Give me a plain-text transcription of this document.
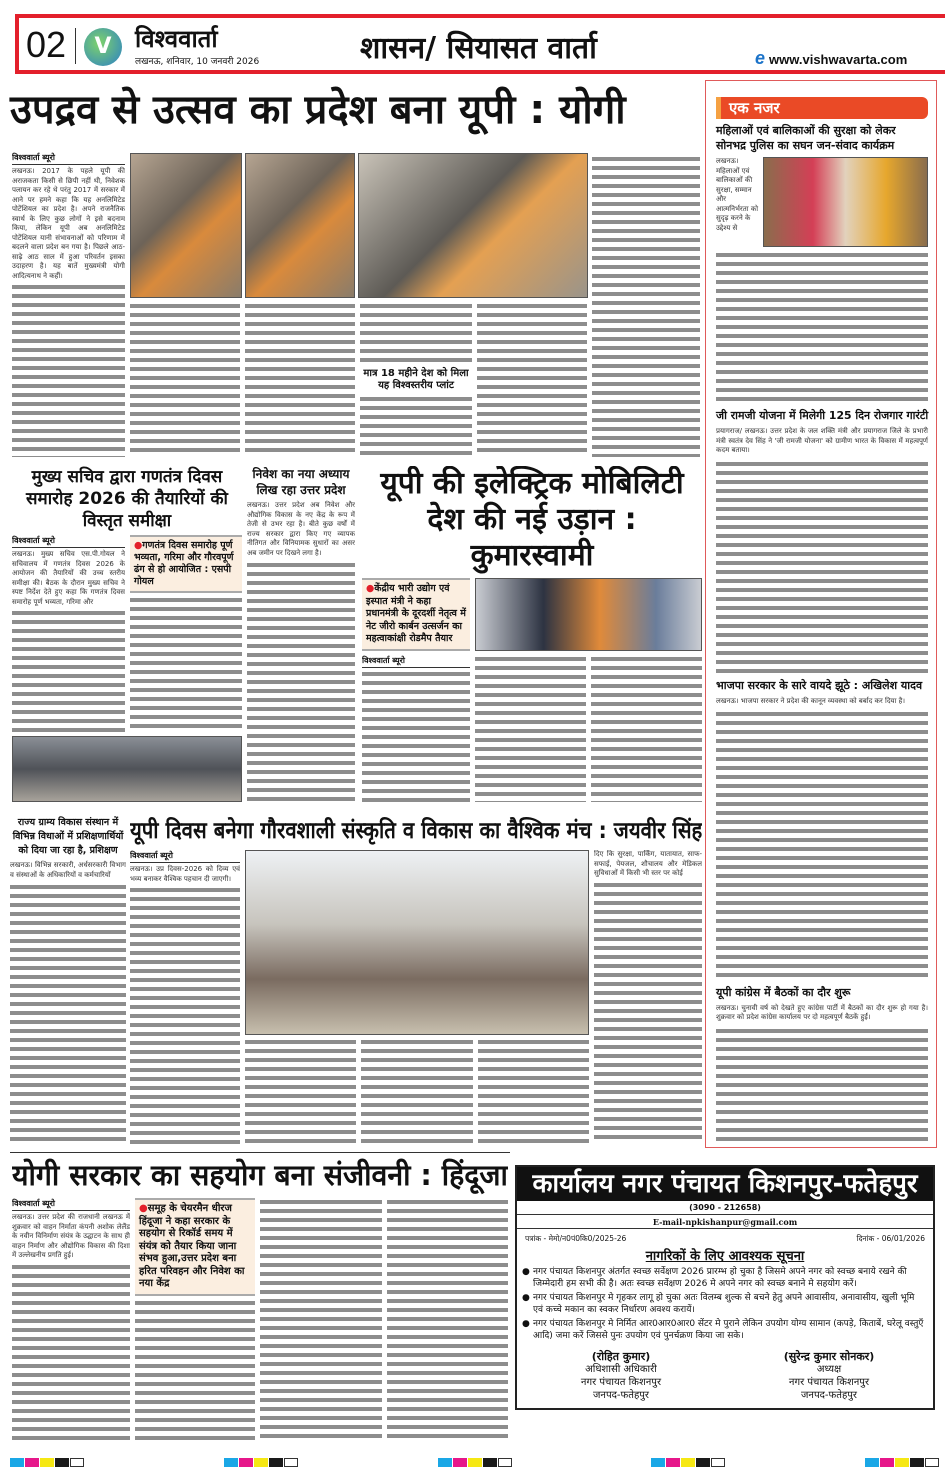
02	V विश्ववार्ता
लखनऊ, शनिवार, 10 जनवरी 2026	शासन/ सियासत वार्ता	e www.vishwavarta.com
उपद्रव से उत्सव का प्रदेश बना यूपी : योगी
विश्ववार्ता ब्यूरो
लखनऊ। 2017 के पहले यूपी की अराजकता किसी से छिपी नहीं थी, निवेशक पलायन कर रहे थे परंतु 2017 में सरकार में आने पर हमने कहा कि यह अनलिमिटेड पोटेंशियल का प्रदेश है। अपने राजनैतिक स्वार्थ के लिए कुछ लोगों ने इसे बदनाम किया, लेकिन यूपी अब अनलिमिटेड पोटेंशियल यानी संभावनाओं को परिणाम में बदलने वाला प्रदेश बन गया है। पिछले आठ-साढ़े आठ साल में हुआ परिवर्तन इसका उदाहरण है। यह बातें मुख्यमंत्री योगी आदित्यनाथ ने कहीं।
मात्र 18 महीने देश को मिला यह विश्वस्तरीय प्लांट
मुख्य सचिव द्वारा गणतंत्र दिवस समारोह 2026 की तैयारियों की विस्तृत समीक्षा
विश्ववार्ता ब्यूरो
लखनऊ। मुख्य सचिव एस.पी.गोयल ने सचिवालय में गणतंत्र दिवस 2026 के आयोजन की तैयारियों की उच्च स्तरीय समीक्षा की। बैठक के दौरान मुख्य सचिव ने स्पष्ट निर्देश देते हुए कहा कि गणतंत्र दिवस समारोह पूर्ण भव्यता, गरिमा और
●गणतंत्र दिवस समारोह पूर्ण भव्यता, गरिमा और गौरवपूर्ण ढंग से हो आयोजित : एसपी गोयल
निवेश का नया अध्याय लिख रहा उत्तर प्रदेश
लखनऊ। उत्तर प्रदेश अब निवेश और औद्योगिक विकास के नए केंद्र के रूप में तेजी से उभर रहा है। बीते कुछ वर्षों में राज्य सरकार द्वारा किए गए व्यापक नीतिगत और विनियामक सुधारों का असर अब जमीन पर दिखने लगा है।
यूपी की इलेक्ट्रिक मोबिलिटी देश की नई उड़ान : कुमारस्वामी
●केंद्रीय भारी उद्योग एवं इस्पात मंत्री ने कहा प्रधानमंत्री के दूरदर्शी नेतृत्व में नेट जीरो कार्बन उत्सर्जन का महत्वाकांक्षी रोडमैप तैयार
विश्ववार्ता ब्यूरो
राज्य ग्राम्य विकास संस्थान में विभिन्न विधाओं में प्रशिक्षणार्थियों को दिया जा रहा है, प्रशिक्षण
लखनऊ। विभिन्न सरकारी, अर्धसरकारी विभाग व संस्थाओं के अधिकारियों व कर्मचारियों
यूपी दिवस बनेगा गौरवशाली संस्कृति व विकास का वैश्विक मंच : जयवीर सिंह
विश्ववार्ता ब्यूरो
लखनऊ। उप्र दिवस-2026 को दिव्य एवं भव्य बनाकर वैश्विक पहचान दी जाएगी।
दिए कि सुरक्षा, पार्किंग, यातायात, साफ-सफाई, पेयजल, शौचालय और मेडिकल सुविधाओं में किसी भी स्तर पर कोई
एक नजर
महिलाओं एवं बालिकाओं की सुरक्षा को लेकर सोनभद्र पुलिस का सघन जन-संवाद कार्यक्रम
लखनऊ। महिलाओं एवं बालिकाओं की सुरक्षा, सम्मान और आत्मनिर्भरता को सुदृढ़ करने के उद्देश्य से
जी रामजी योजना में मिलेगी 125 दिन रोजगार गारंटी
प्रयागराज/ लखनऊ। उत्तर प्रदेश के जल शक्ति मंत्री और प्रयागराज जिले के प्रभारी मंत्री स्वतंत्र देव सिंह ने 'जी रामजी योजना' को ग्रामीण भारत के विकास में महत्वपूर्ण कदम बताया।
भाजपा सरकार के सारे वायदे झूठे : अखिलेश यादव
लखनऊ। भाजपा सरकार ने प्रदेश की कानून व्यवस्था को बर्बाद कर दिया है।
यूपी कांग्रेस में बैठकों का दौर शुरू
लखनऊ। चुनावी वर्ष को देखते हुए कांग्रेस पार्टी में बैठकों का दौर शुरू हो गया है। शुक्रवार को प्रदेश कांग्रेस कार्यालय पर दो महत्वपूर्ण बैठकें हुईं।
योगी सरकार का सहयोग बना संजीवनी : हिंदूजा
विश्ववार्ता ब्यूरो
लखनऊ। उत्तर प्रदेश की राजधानी लखनऊ में शुक्रवार को वाहन निर्माता कंपनी अशोक लेलैंड के नवीन विनिर्माण संयंत्र के उद्घाटन के साथ ही वाहन निर्माण और औद्योगिक विकास की दिशा में उल्लेखनीय प्रगति हुई।
●समूह के चेयरमैन धीरज हिंदूजा ने कहा सरकार के सहयोग से रिकॉर्ड समय में संयंत्र को तैयार किया जाना संभव हुआ,उत्तर प्रदेश बना हरित परिवहन और निवेश का नया केंद्र
कार्यालय नगर पंचायत किशनपुर-फतेहपुर
(3090 - 212658)
E-mail-npkishanpur@gmail.com
पत्रांक - मेमो/न0पं0कि0/2025-26	दिनांक - 06/01/2026
नागरिकों के लिए आवश्यक सूचना
● नगर पंचायत किशनपुर अंतर्गत स्वच्छ सर्वेक्षण 2026 प्रारम्भ हो चुका है जिसमे अपने नगर को स्वच्छ बनाये रखने की जिम्मेदारी हम सभी की है। अतः स्वच्छ सर्वेक्षण 2026 मे अपने नगर को स्वच्छ बनाने मे सहयोग करें।
● नगर पंचायत किशनपुर मे गृहकर लागू हो चुका अतः विलम्ब शुल्क से बचने हेतु अपने आवासीय, अनावासीय, खुली भूमि एवं कच्चे मकान का स्वकर निर्धारण अवश्य करायें।
● नगर पंचायत किशनपुर मे निर्मित आर0आर0आर0 सेंटर मे पुराने लेकिन उपयोग योग्य सामान (कपड़े, किताबें, घरेलू वस्तुएँ आदि) जमा करें जिससे पुनः उपयोग एवं पुनर्चक्रण किया जा सके।
(रोहित कुमार)
अधिशासी अधिकारी
नगर पंचायत किशनपुर
जनपद-फतेहपुर
(सुरेन्द्र कुमार सोनकर)
अध्यक्ष
नगर पंचायत किशनपुर
जनपद-फतेहपुर
